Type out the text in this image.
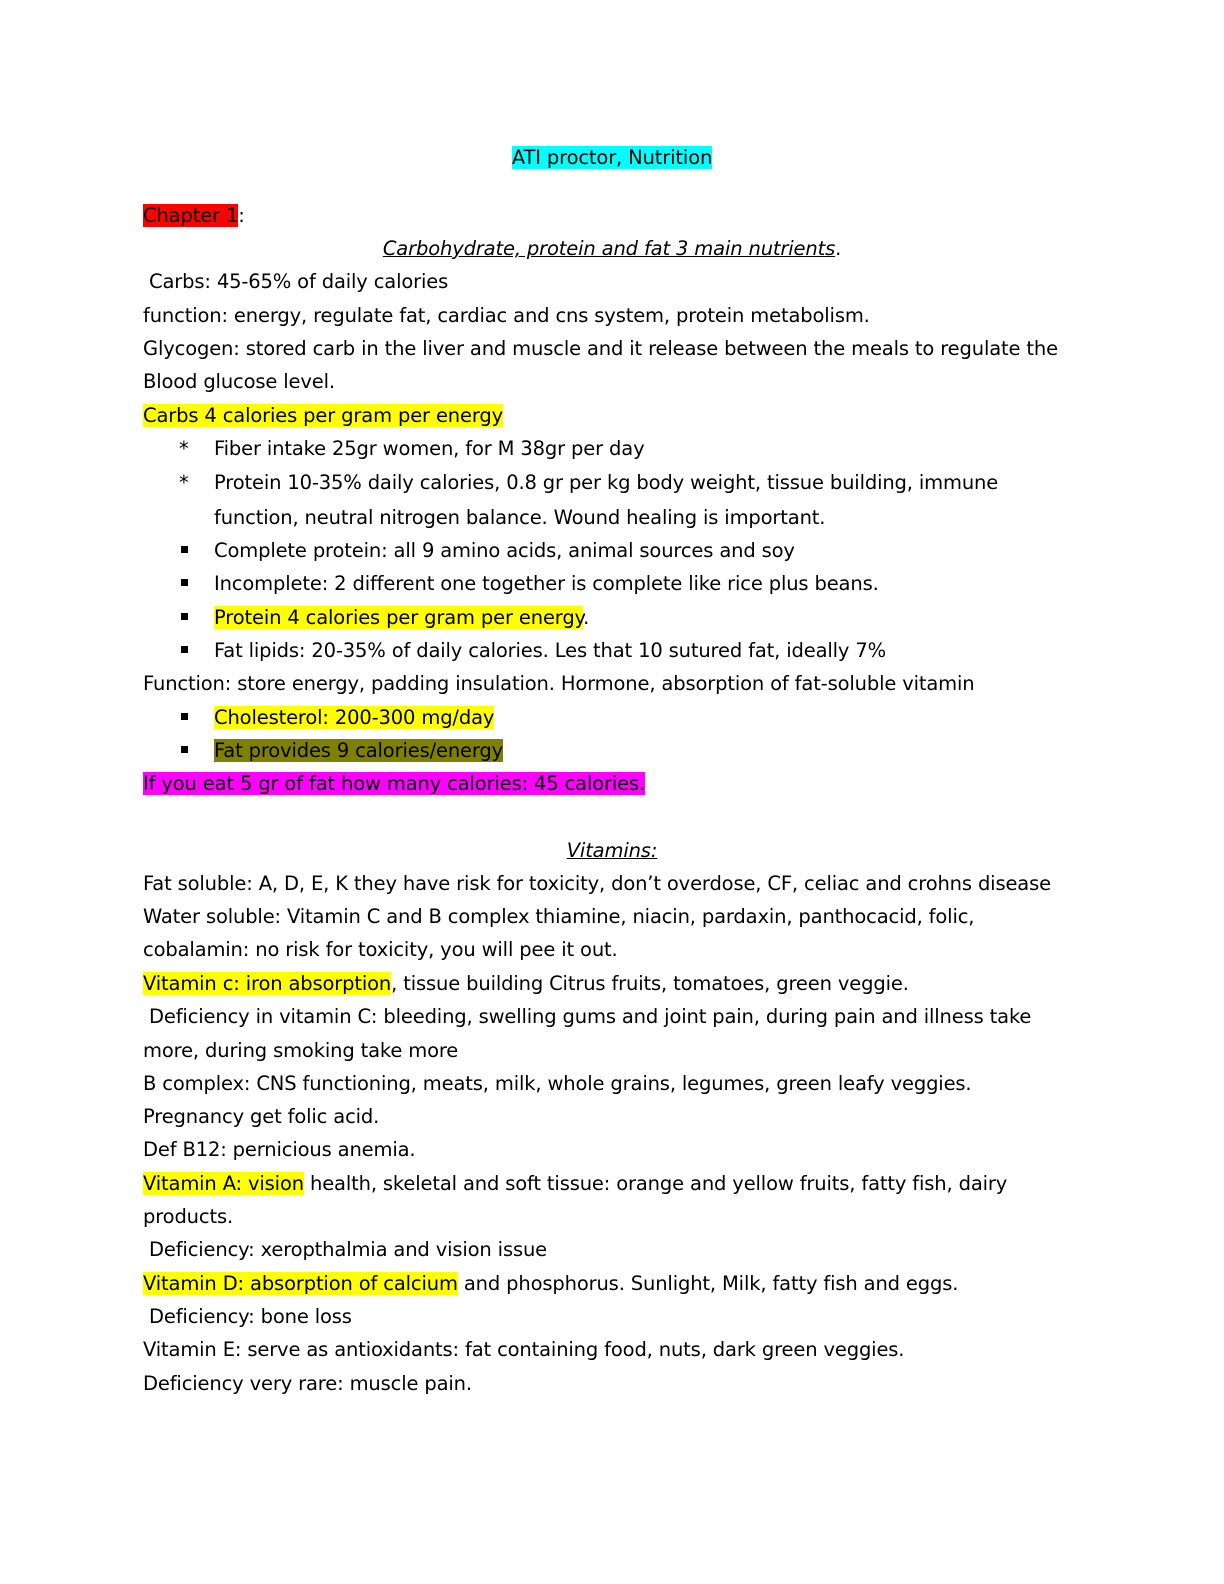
ATI proctor, Nutrition
Chapter 1:
Carbohydrate, protein and fat 3 main nutrients.
Carbs: 45-65% of daily calories
function: energy, regulate fat, cardiac and cns system, protein metabolism.
Glycogen: stored carb in the liver and muscle and it release between the meals to regulate the
Blood glucose level.
Carbs 4 calories per gram per energy
* Fiber intake 25gr women, for M 38gr per day
* Protein 10-35% daily calories, 0.8 gr per kg body weight, tissue building, immune
function, neutral nitrogen balance. Wound healing is important.
Complete protein: all 9 amino acids, animal sources and soy
Incomplete: 2 different one together is complete like rice plus beans.
Protein 4 calories per gram per energy.
Fat lipids: 20-35% of daily calories. Les that 10 sutured fat, ideally 7%
Function: store energy, padding insulation. Hormone, absorption of fat-soluble vitamin
Cholesterol: 200-300 mg/day
Fat provides 9 calories/energy
If you eat 5 gr of fat how many calories: 45 calories.
Vitamins:
Fat soluble: A, D, E, K they have risk for toxicity, don’t overdose, CF, celiac and crohns disease
Water soluble: Vitamin C and B complex thiamine, niacin, pardaxin, panthocacid, folic,
cobalamin: no risk for toxicity, you will pee it out.
Vitamin c: iron absorption, tissue building Citrus fruits, tomatoes, green veggie.
Deficiency in vitamin C: bleeding, swelling gums and joint pain, during pain and illness take
more, during smoking take more
B complex: CNS functioning, meats, milk, whole grains, legumes, green leafy veggies.
Pregnancy get folic acid.
Def B12: pernicious anemia.
Vitamin A: vision health, skeletal and soft tissue: orange and yellow fruits, fatty fish, dairy
products.
Deficiency: xeropthalmia and vision issue
Vitamin D: absorption of calcium and phosphorus. Sunlight, Milk, fatty fish and eggs.
Deficiency: bone loss
Vitamin E: serve as antioxidants: fat containing food, nuts, dark green veggies.
Deficiency very rare: muscle pain.
